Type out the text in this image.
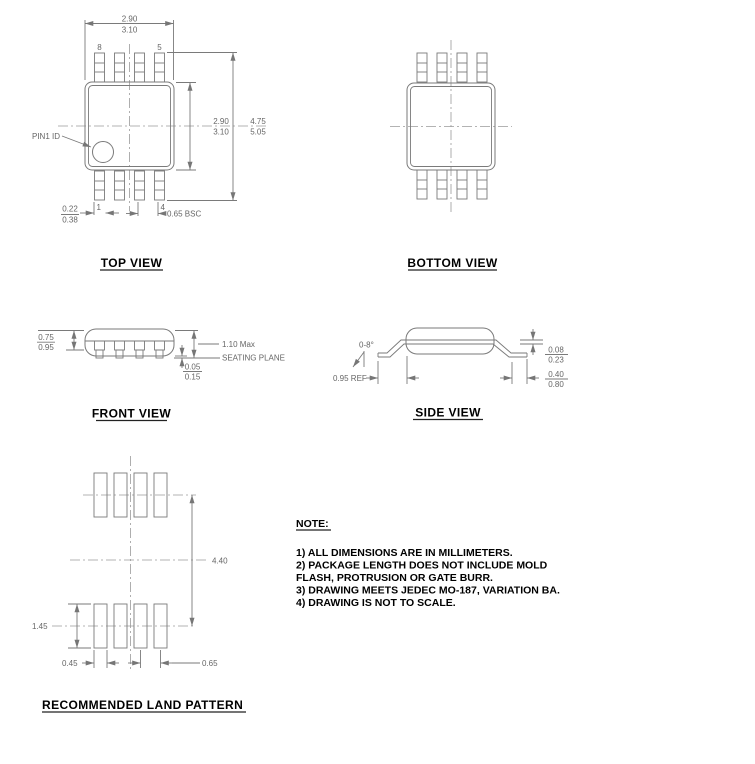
8	5
PIN1 ID
2.90
3.10
2.90
3.10
4.75
5.05
1
0.22
0.38
4
0.65 BSC
TOP VIEW	BOTTOM VIEW
0.75
0.95	1.10 Max
SEATING PLANE
0.05
0.15
FRONT VIEW
0-8°
0.95 REF
0.08
0.23
0.40
0.80
SIDE VIEW
4.40
1.45
0.45	0.65
RECOMMENDED LAND PATTERN
NOTE:
1) ALL DIMENSIONS ARE IN MILLIMETERS.
2) PACKAGE LENGTH DOES NOT INCLUDE MOLD
FLASH, PROTRUSION OR GATE BURR.
3) DRAWING MEETS JEDEC MO-187, VARIATION BA.
4) DRAWING IS NOT TO SCALE.
